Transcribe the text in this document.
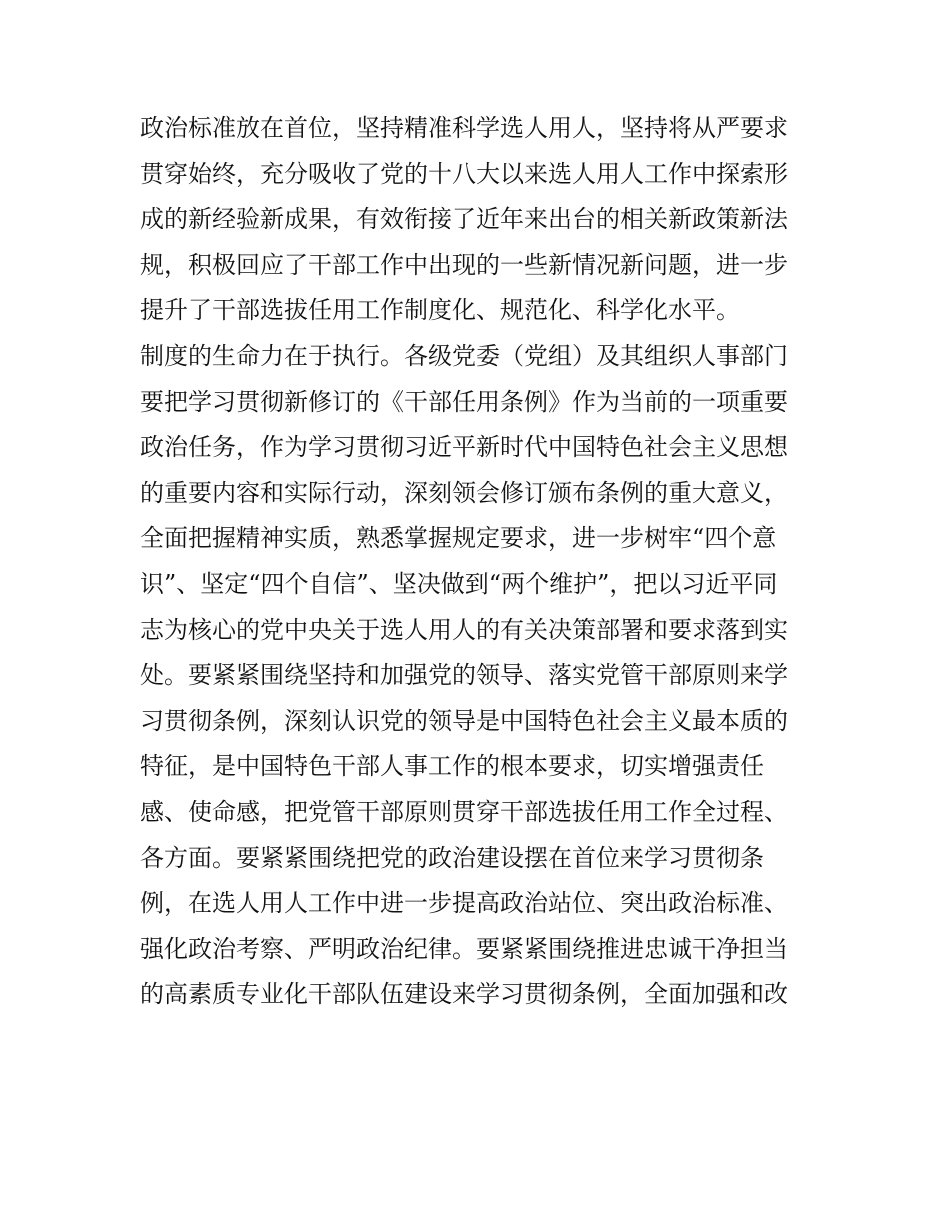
政治标准放在首位，坚持精准科学选人用人，坚持将从严要求
贯穿始终，充分吸收了党的十八大以来选人用人工作中探索形
成的新经验新成果，有效衔接了近年来出台的相关新政策新法
规，积极回应了干部工作中出现的一些新情况新问题，进一步
提升了干部选拔任用工作制度化、规范化、科学化水平。
制度的生命力在于执行。各级党委（党组）及其组织人事部门
要把学习贯彻新修订的《干部任用条例》作为当前的一项重要
政治任务，作为学习贯彻习近平新时代中国特色社会主义思想
的重要内容和实际行动，深刻领会修订颁布条例的重大意义，
全面把握精神实质，熟悉掌握规定要求，进一步树牢“四个意
识”、坚定“四个自信”、坚决做到“两个维护”，把以习近平同
志为核心的党中央关于选人用人的有关决策部署和要求落到实
处。要紧紧围绕坚持和加强党的领导、落实党管干部原则来学
习贯彻条例，深刻认识党的领导是中国特色社会主义最本质的
特征，是中国特色干部人事工作的根本要求，切实增强责任
感、使命感，把党管干部原则贯穿干部选拔任用工作全过程、
各方面。要紧紧围绕把党的政治建设摆在首位来学习贯彻条
例，在选人用人工作中进一步提高政治站位、突出政治标准、
强化政治考察、严明政治纪律。要紧紧围绕推进忠诚干净担当
的高素质专业化干部队伍建设来学习贯彻条例，全面加强和改
